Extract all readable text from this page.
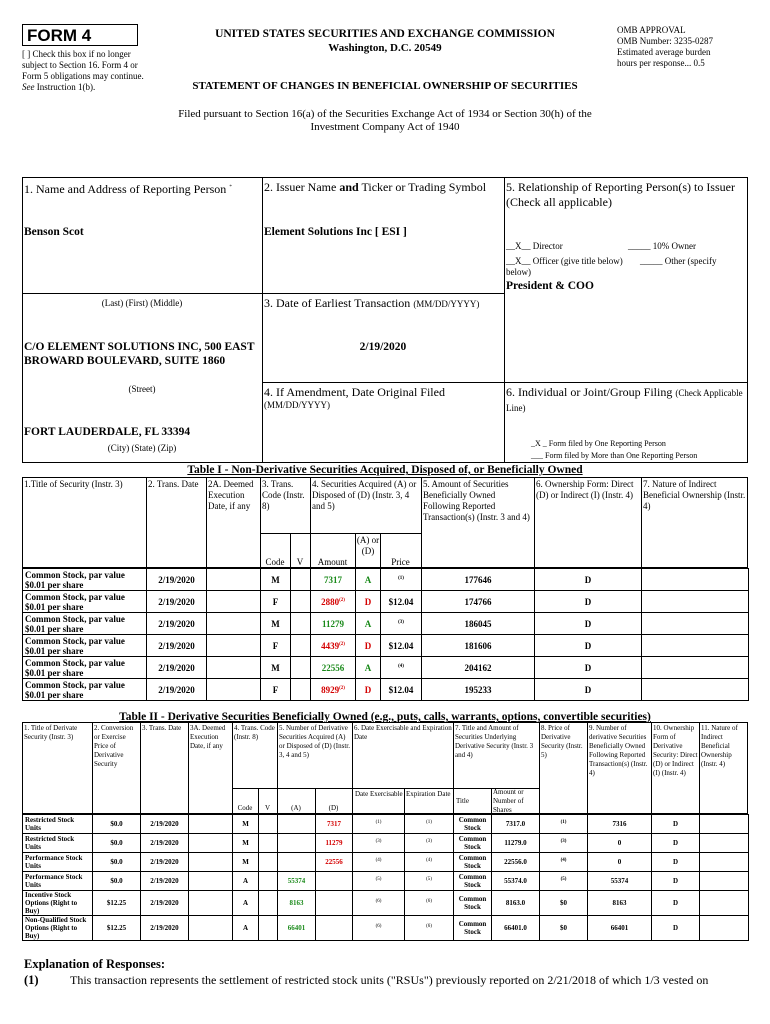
FORM 4
[ ] Check this box if no longer subject to Section 16. Form 4 or Form 5 obligations may continue. See Instruction 1(b).
UNITED STATES SECURITIES AND EXCHANGE COMMISSION
Washington, D.C. 20549
STATEMENT OF CHANGES IN BENEFICIAL OWNERSHIP OF SECURITIES
OMB APPROVAL
OMB Number: 3235-0287
Estimated average burden
hours per response... 0.5
Filed pursuant to Section 16(a) of the Securities Exchange Act of 1934 or Section 30(h) of the
Investment Company Act of 1940
1. Name and Address of Reporting Person *
Benson Scot
(Last) (First) (Middle)
C/O ELEMENT SOLUTIONS INC, 500 EAST BROWARD BOULEVARD, SUITE 1860
(Street)
FORT LAUDERDALE, FL 33394
(City) (State) (Zip)
2. Issuer Name and Ticker or Trading Symbol
Element Solutions Inc [ ESI ]
3. Date of Earliest Transaction (MM/DD/YYYY)
2/19/2020
4. If Amendment, Date Original Filed
(MM/DD/YYYY)
5. Relationship of Reporting Person(s) to Issuer (Check all applicable)
__X__ Director	_____ 10% Owner
__X__ Officer (give title below)	_____ Other (specify below)
President & COO
6. Individual or Joint/Group Filing (Check Applicable Line)
_X _ Form filed by One Reporting Person
___ Form filed by More than One Reporting Person
Table I - Non-Derivative Securities Acquired, Disposed of, or Beneficially Owned
1.Title of Security (Instr. 3)	2. Trans. Date	2A. Deemed Execution Date, if any
3. Trans. Code (Instr. 8)
4. Securities Acquired (A) or Disposed of (D) (Instr. 3, 4 and 5)
5. Amount of Securities Beneficially Owned Following Reported Transaction(s) (Instr. 3 and 4)
6. Ownership Form: Direct (D) or Indirect (I) (Instr. 4)
7. Nature of Indirect Beneficial Ownership (Instr. 4)
Code	V	Amount
(A) or (D)
Price
Common Stock, par value $0.01 per share	2/19/2020		M		7317	A	$^{(1)}$	177646	D	
Common Stock, par value $0.01 per share	2/19/2020		F		2880$^{(2)}$	D	$12.04	174766	D	
Common Stock, par value $0.01 per share	2/19/2020		M		11279	A	$^{(3)}$	186045	D	
Common Stock, par value $0.01 per share	2/19/2020		F		4439$^{(2)}$	D	$12.04	181606	D	
Common Stock, par value $0.01 per share	2/19/2020		M		22556	A	$^{(4)}$	204162	D	
Common Stock, par value $0.01 per share	2/19/2020		F		8929$^{(2)}$	D	$12.04	195233	D	
Table II - Derivative Securities Beneficially Owned (e.g., puts, calls, warrants, options, convertible securities)
1. Title of Derivate Security (Instr. 3)
2. Conversion or Exercise Price of Derivative Security
3. Trans. Date	3A. Deemed Execution Date, if any
4. Trans. Code (Instr. 8)
5. Number of Derivative Securities Acquired (A) or Disposed of (D) (Instr. 3, 4 and 5)
6. Date Exercisable and Expiration Date
7. Title and Amount of Securities Underlying Derivative Security (Instr. 3 and 4)
8. Price of Derivative Security (Instr. 5)
9. Number of derivative Securities Beneficially Owned Following Reported Transaction(s) (Instr. 4)
10. Ownership Form of Derivative Security: Direct (D) or Indirect (I) (Instr. 4)
11. Nature of Indirect Beneficial Ownership (Instr. 4)
Code	V	(A)	(D)
Date Exercisable Expiration Date
Title
Amount or Number of Shares
Restricted Stock Units	$0.0	2/19/2020		M			7317	$^{(1)}$	$^{(1)}$	Common Stock	7317.0	$^{(1)}$	7316	D	
Restricted Stock Units	$0.0	2/19/2020		M			11279	$^{(3)}$	$^{(3)}$	Common Stock	11279.0	$^{(3)}$	0	D	
Performance Stock Units	$0.0	2/19/2020		M			22556	$^{(4)}$	$^{(4)}$	Common Stock	22556.0	$^{(4)}$	0	D	
Performance Stock Units	$0.0	2/19/2020		A		55374		$^{(5)}$	$^{(5)}$	Common Stock	55374.0	$^{(5)}$	55374	D	
Incentive Stock Options (Right to Buy)	$12.25	2/19/2020		A		8163		$^{(6)}$	$^{(6)}$	Common Stock	8163.0	$0	8163	D	
Non-Qualified Stock Options (Right to Buy)	$12.25	2/19/2020		A		66401		$^{(6)}$	$^{(6)}$	Common Stock	66401.0	$0	66401	D	
Explanation of Responses:
(1)	This transaction represents the settlement of restricted stock units ("RSUs") previously reported on 2/21/2018 of which 1/3 vested on
